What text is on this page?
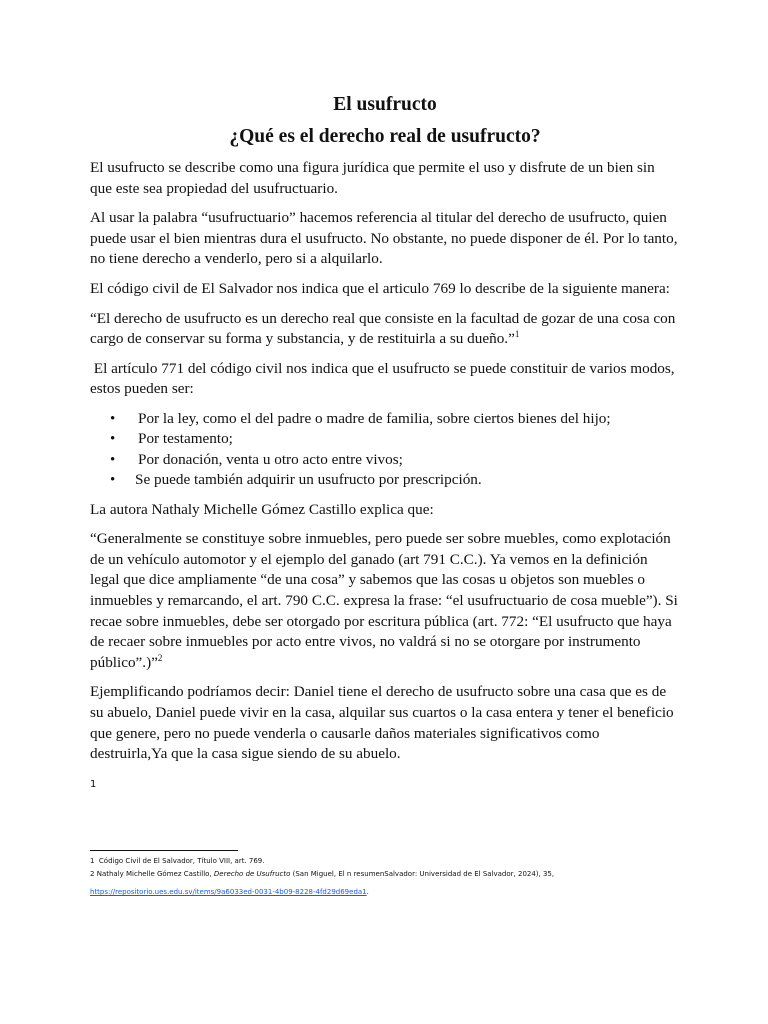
El usufructo
¿Qué es el derecho real de usufructo?

El usufructo se describe como una figura jurídica que permite el uso y disfrute de un bien sin que este sea propiedad del usufructuario.

Al usar la palabra “usufructuario” hacemos referencia al titular del derecho de usufructo, quien puede usar el bien mientras dura el usufructo. No obstante, no puede disponer de él. Por lo tanto, no tiene derecho a venderlo, pero si a alquilarlo.

El código civil de El Salvador nos indica que el articulo 769 lo describe de la siguiente manera:

“El derecho de usufructo es un derecho real que consiste en la facultad de gozar de una cosa con cargo de conservar su forma y substancia, y de restituirla a su dueño.”$^1$

El artículo 771 del código civil nos indica que el usufructo se puede constituir de varios modos, estos pueden ser:

• Por la ley, como el del padre o madre de familia, sobre ciertos bienes del hijo;
• Por testamento;
• Por donación, venta u otro acto entre vivos;
• Se puede también adquirir un usufructo por prescripción.

La autora Nathaly Michelle Gómez Castillo explica que:

“Generalmente se constituye sobre inmuebles, pero puede ser sobre muebles, como explotación de un vehículo automotor y el ejemplo del ganado (art 791 C.C.). Ya vemos en la definición legal que dice ampliamente “de una cosa” y sabemos que las cosas u objetos son muebles o inmuebles y remarcando, el art. 790 C.C. expresa la frase: “el usufructuario de cosa mueble”). Si recae sobre inmuebles, debe ser otorgado por escritura pública (art. 772: “El usufructo que haya de recaer sobre inmuebles por acto entre vivos, no valdrá si no se otorgare por instrumento público”.)”$^2$

Ejemplificando podríamos decir: Daniel tiene el derecho de usufructo sobre una casa que es de su abuelo, Daniel puede vivir en la casa, alquilar sus cuartos o la casa entera y tener el beneficio que genere, pero no puede venderla o causarle daños materiales significativos como destruirla,Ya que la casa sigue siendo de su abuelo.

1
1 Código Civil de El Salvador, Título VIII, art. 769.
2 Nathaly Michelle Gómez Castillo, Derecho de Usufructo (San Miguel, El n resumenSalvador: Universidad de El Salvador, 2024), 35,
https://repositorio.ues.edu.sv/items/9a6033ed-0031-4b09-8228-4fd29d69eda1.
